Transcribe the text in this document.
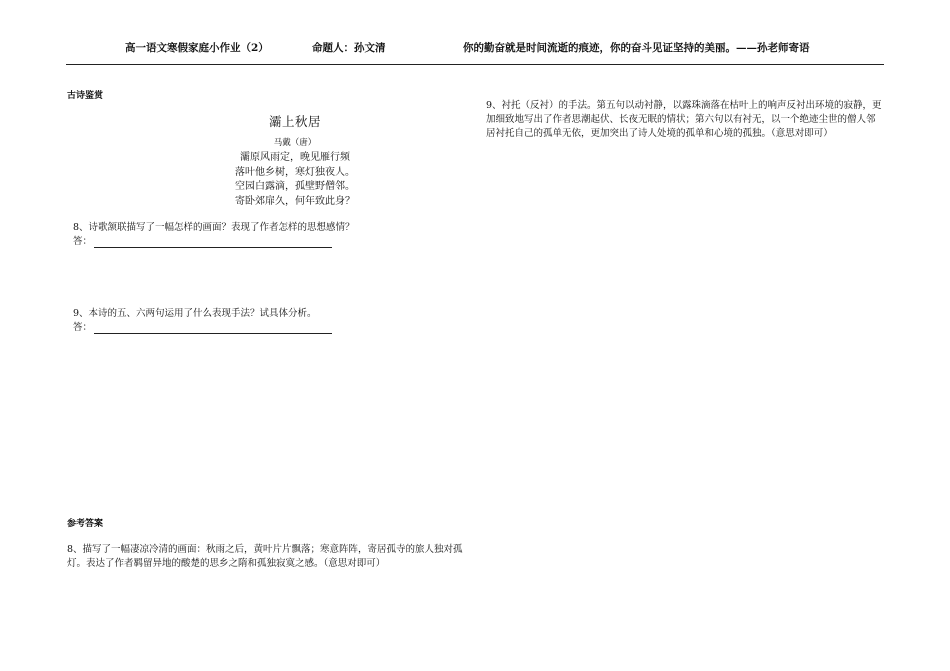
高一语文寒假家庭小作业（2）	命题人：孙文清	你的勤奋就是时间流逝的痕迹，你的奋斗见证坚持的美丽。——孙老师寄语
古诗鉴赏
灞上秋居
马戴（唐）
灞原风雨定，晚见雁行频
落叶他乡树，寒灯独夜人。
空园白露滴，孤壁野僧邻。
寄卧郊扉久，何年致此身？
8、诗歌颔联描写了一幅怎样的画面？表现了作者怎样的思想感情？
答：
9、本诗的五、六两句运用了什么表现手法？试具体分析。
答：
参考答案
8、描写了一幅凄凉冷清的画面：秋雨之后，黄叶片片飘落；寒意阵阵，寄居孤寺的旅人独对孤灯。表达了作者羁留异地的酸楚的思乡之隋和孤独寂寞之感。（意思对即可）
9、衬托（反衬）的手法。第五句以动衬静，以露珠滴落在枯叶上的响声反衬出环境的寂静，更加细致地写出了作者思潮起伏、长夜无眠的情状；第六句以有衬无，以一个绝迹尘世的僧人邻居衬托自己的孤单无依，更加突出了诗人处境的孤单和心境的孤独。（意思对即可）
